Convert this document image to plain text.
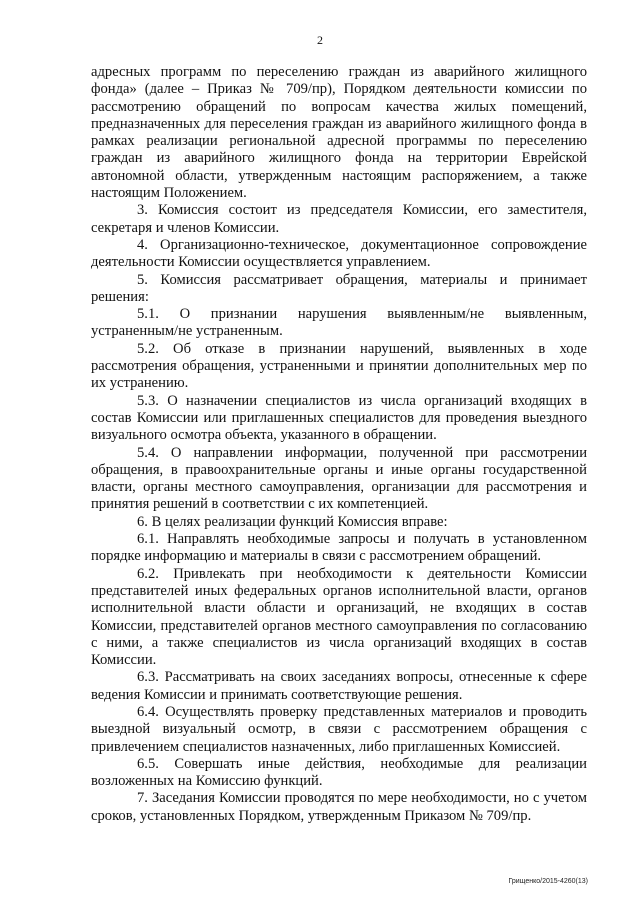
2

адресных программ по переселению граждан из аварийного жилищного фонда» (далее – Приказ № 709/пр), Порядком деятельности комиссии по рассмотрению обращений по вопросам качества жилых помещений, предназначенных для переселения граждан из аварийного жилищного фонда в рамках реализации региональной адресной программы по переселению граждан из аварийного жилищного фонда на территории Еврейской автономной области, утвержденным настоящим распоряжением, а также настоящим Положением.

3. Комиссия состоит из председателя Комиссии, его заместителя, секретаря и членов Комиссии.

4. Организационно-техническое, документационное сопровождение деятельности Комиссии осуществляется управлением.

5. Комиссия рассматривает обращения, материалы и принимает решения:

5.1. О признании нарушения выявленным/не выявленным, устраненным/не устраненным.

5.2. Об отказе в признании нарушений, выявленных в ходе рассмотрения обращения, устраненными и принятии дополнительных мер по их устранению.

5.3. О назначении специалистов из числа организаций входящих в состав Комиссии или приглашенных специалистов для проведения выездного визуального осмотра объекта, указанного в обращении.

5.4. О направлении информации, полученной при рассмотрении обращения, в правоохранительные органы и иные органы государственной власти, органы местного самоуправления, организации для рассмотрения и принятия решений в соответствии с их компетенцией.

6. В целях реализации функций Комиссия вправе:

6.1. Направлять необходимые запросы и получать в установленном порядке информацию и материалы в связи с рассмотрением обращений.

6.2. Привлекать при необходимости к деятельности Комиссии представителей иных федеральных органов исполнительной власти, органов исполнительной власти области и организаций, не входящих в состав Комиссии, представителей органов местного самоуправления по согласованию с ними, а также специалистов из числа организаций входящих в состав Комиссии.

6.3. Рассматривать на своих заседаниях вопросы, отнесенные к сфере ведения Комиссии и принимать соответствующие решения.

6.4. Осуществлять проверку представленных материалов и проводить выездной визуальный осмотр, в связи с рассмотрением обращения с привлечением специалистов назначенных, либо приглашенных Комиссией.

6.5. Совершать иные действия, необходимые для реализации возложенных на Комиссию функций.

7. Заседания Комиссии проводятся по мере необходимости, но с учетом сроков, установленных Порядком, утвержденным Приказом № 709/пр.

Грищенко/2015-4260(13)
